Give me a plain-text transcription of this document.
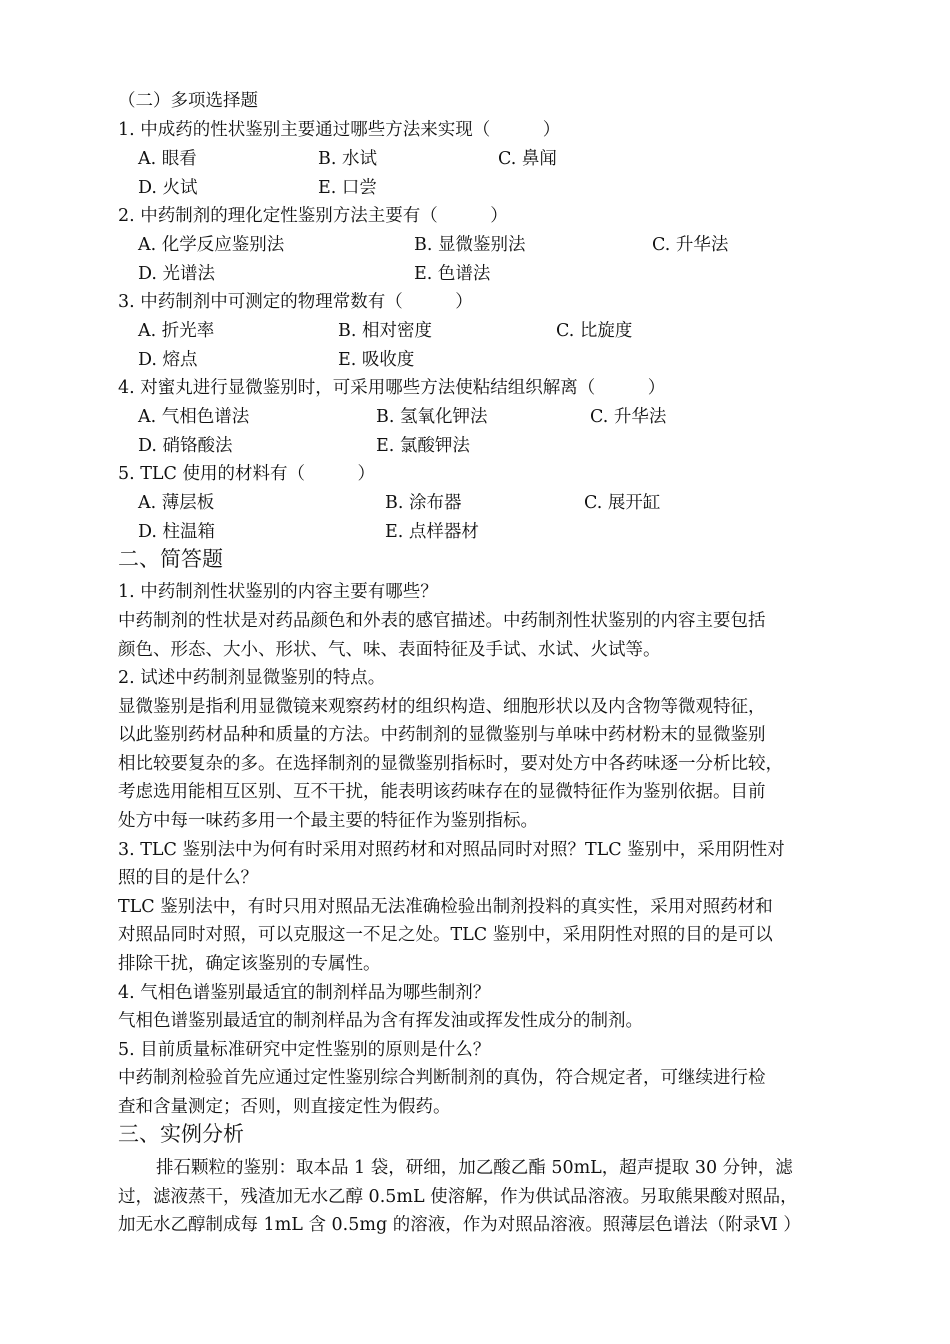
（二）多项选择题
1. 中成药的性状鉴别主要通过哪些方法来实现（　　　）
A. 眼看	B. 水试	C. 鼻闻
D. 火试	E. 口尝
2. 中药制剂的理化定性鉴别方法主要有（　　　）
A. 化学反应鉴别法	B. 显微鉴别法	C. 升华法
D. 光谱法	E. 色谱法
3. 中药制剂中可测定的物理常数有（　　　）
A. 折光率	B. 相对密度	C. 比旋度
D. 熔点	E. 吸收度
4. 对蜜丸进行显微鉴别时，可采用哪些方法使粘结组织解离（　　　）
A. 气相色谱法	B. 氢氧化钾法	C. 升华法
D. 硝铬酸法	E. 氯酸钾法
5. TLC 使用的材料有（　　　）
A. 薄层板	B. 涂布器	C. 展开缸
D. 柱温箱	E. 点样器材
二、简答题
1. 中药制剂性状鉴别的内容主要有哪些？
中药制剂的性状是对药品颜色和外表的感官描述。中药制剂性状鉴别的内容主要包括
颜色、形态、大小、形状、气、味、表面特征及手试、水试、火试等。
2. 试述中药制剂显微鉴别的特点。
显微鉴别是指利用显微镜来观察药材的组织构造、细胞形状以及内含物等微观特征，
以此鉴别药材品种和质量的方法。中药制剂的显微鉴别与单味中药材粉末的显微鉴别
相比较要复杂的多。在选择制剂的显微鉴别指标时，要对处方中各药味逐一分析比较，
考虑选用能相互区别、互不干扰，能表明该药味存在的显微特征作为鉴别依据。目前
处方中每一味药多用一个最主要的特征作为鉴别指标。
3. TLC 鉴别法中为何有时采用对照药材和对照品同时对照？TLC 鉴别中，采用阴性对
照的目的是什么？
TLC 鉴别法中，有时只用对照品无法准确检验出制剂投料的真实性，采用对照药材和
对照品同时对照，可以克服这一不足之处。TLC 鉴别中，采用阴性对照的目的是可以
排除干扰，确定该鉴别的专属性。
4. 气相色谱鉴别最适宜的制剂样品为哪些制剂？
气相色谱鉴别最适宜的制剂样品为含有挥发油或挥发性成分的制剂。
5. 目前质量标准研究中定性鉴别的原则是什么？
中药制剂检验首先应通过定性鉴别综合判断制剂的真伪，符合规定者，可继续进行检
查和含量测定；否则，则直接定性为假药。
三、实例分析
排石颗粒的鉴别：取本品 1 袋，研细，加乙酸乙酯 50mL，超声提取 30 分钟，滤
过，滤液蒸干，残渣加无水乙醇 0.5mL 使溶解，作为供试品溶液。另取熊果酸对照品，
加无水乙醇制成每 1mL 含 0.5mg 的溶液，作为对照品溶液。照薄层色谱法（附录Ⅵ ）
